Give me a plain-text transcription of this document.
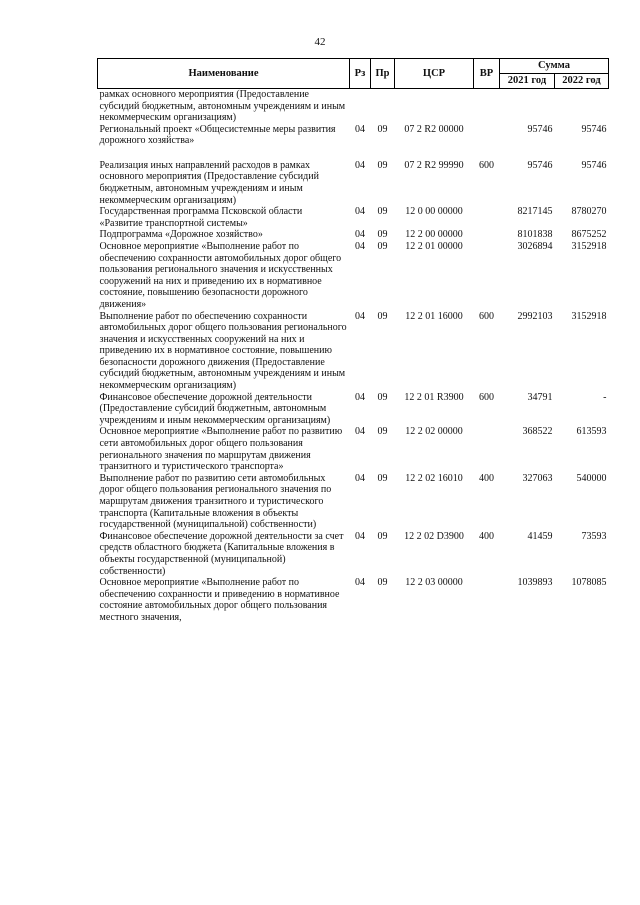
42
Наименование	Рз	Пр	ЦСР	ВР	Сумма	
					2021 год	2022 год
рамках основного мероприятия (Предоставление субсидий бюджетным, автономным учреждениям и иным некоммерческим организациям)						
Региональный проект «Общесистемные меры развития дорожного хозяйства»	04	09	07 2 R2 00000		95746	95746
Реализация иных направлений расходов в рамках основного мероприятия (Предоставление субсидий бюджетным, автономным учреждениям и иным некоммерческим организациям)	04	09	07 2 R2 99990	600	95746	95746
Государственная программа Псковской области «Развитие транспортной системы»	04	09	12 0 00 00000		8217145	8780270
Подпрограмма «Дорожное хозяйство»	04	09	12 2 00 00000		8101838	8675252
Основное мероприятие «Выполнение работ по обеспечению сохранности автомобильных дорог общего пользования регионального значения и искусственных сооружений на них и приведению их в нормативное состояние, повышению безопасности дорожного движения»	04	09	12 2 01 00000		3026894	3152918
Выполнение работ по обеспечению сохранности автомобильных дорог общего пользования регионального значения и искусственных сооружений на них и приведению их в нормативное состояние, повышению безопасности дорожного движения (Предоставление субсидий бюджетным, автономным учреждениям и иным некоммерческим организациям)	04	09	12 2 01 16000	600	2992103	3152918
Финансовое обеспечение дорожной деятельности (Предоставление субсидий бюджетным, автономным учреждениям и иным некоммерческим организациям)	04	09	12 2 01 R3900	600	34791	-
Основное мероприятие «Выполнение работ по развитию сети автомобильных дорог общего пользования регионального значения по маршрутам движения транзитного и туристического транспорта»	04	09	12 2 02 00000		368522	613593
Выполнение работ по развитию сети автомобильных дорог общего пользования регионального значения по маршрутам движения транзитного и туристического транспорта (Капитальные вложения в объекты государственной (муниципальной) собственности)	04	09	12 2 02 16010	400	327063	540000
Финансовое обеспечение дорожной деятельности за счет средств областного бюджета (Капитальные вложения в объекты государственной (муниципальной) собственности)	04	09	12 2 02 D3900	400	41459	73593
Основное мероприятие «Выполнение работ по обеспечению сохранности и приведению в нормативное состояние автомобильных дорог общего пользования местного значения,	04	09	12 2 03 00000		1039893	1078085
